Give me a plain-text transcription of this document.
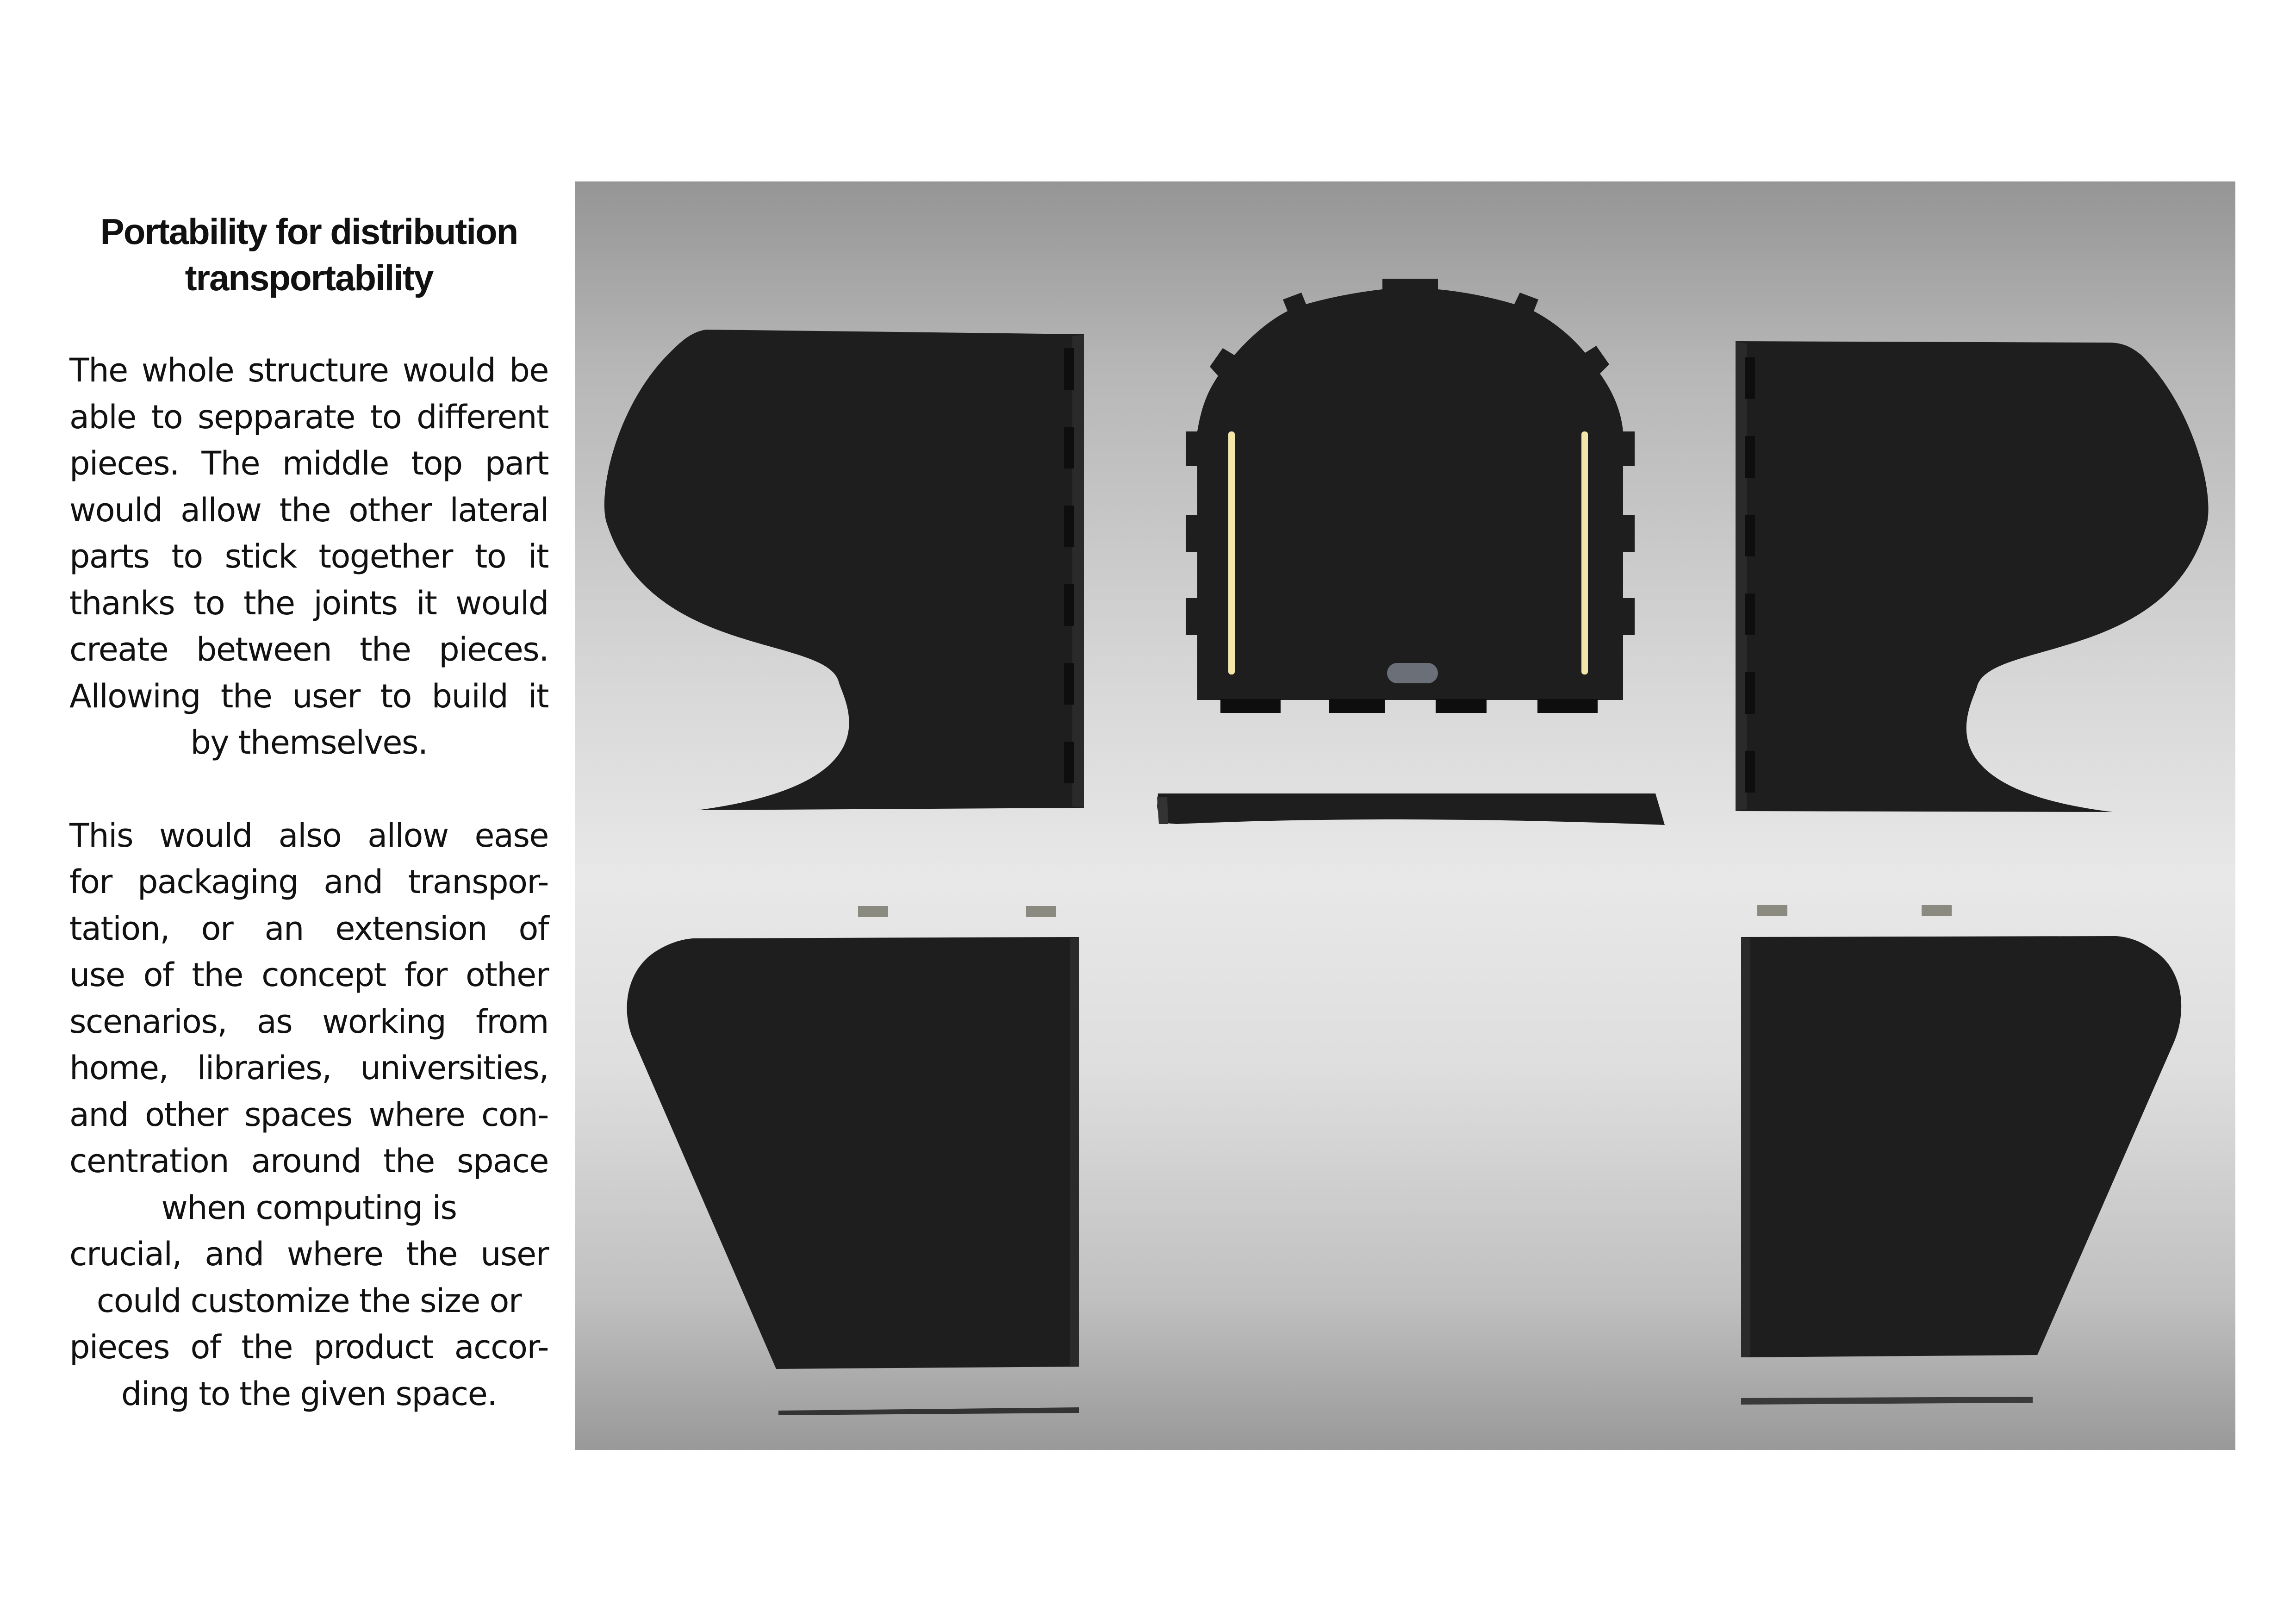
Portability for distribution
transportability

The whole structure would be
able to sepparate to different
pieces. The middle top part
would allow the other lateral
parts to stick together to it
thanks to the joints it would
create between the pieces.
Allowing the user to build it
by themselves.

This would also allow ease
for packaging and transpor-
tation, or an extension of
use of the concept for other
scenarios, as working from
home, libraries, universities,
and other spaces where con-
centration around the space
when computing is
crucial, and where the user
could customize the size or
pieces of the product accor-
ding to the given space.
